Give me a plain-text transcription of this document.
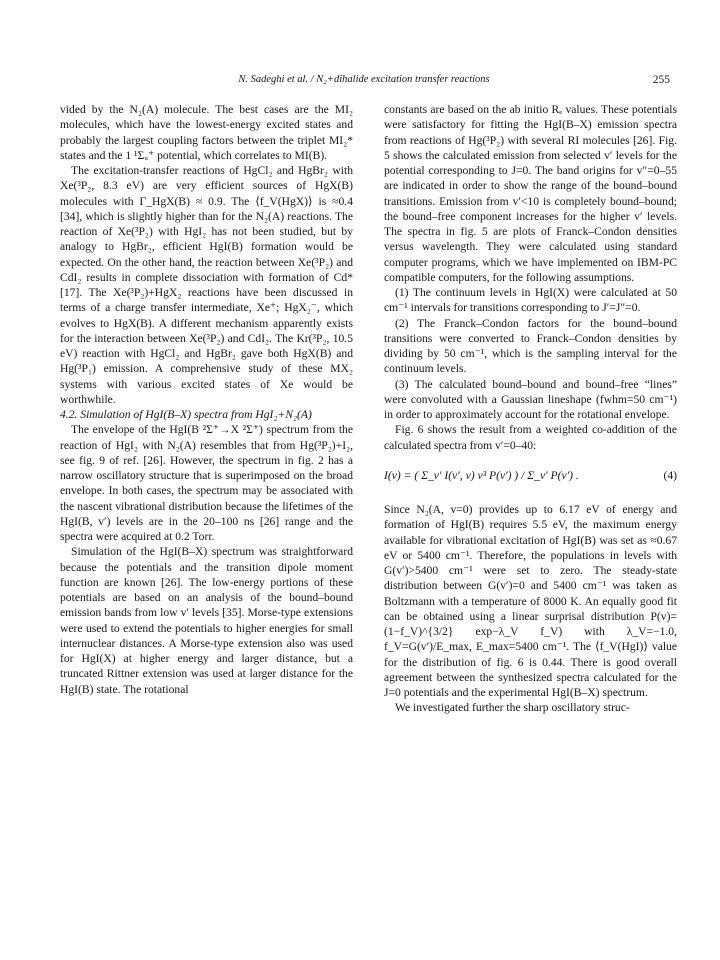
N. Sadeghi et al. / N₂+dihalide excitation transfer reactions	255

vided by the N₂(A) molecule. The best cases are the MI₂ molecules, which have the lowest-energy excited states and probably the largest coupling factors between the triplet MI₂* states and the 1 ¹Σᵤ⁺ potential, which correlates to MI(B).

The excitation-transfer reactions of HgCl₂ and HgBr₂ with Xe(³P₂, 8.3 eV) are very efficient sources of HgX(B) molecules with Γ_HgX(B) ≈ 0.9. The ⟨f_V(HgX)⟩ is ≈0.4 [34], which is slightly higher than for the N₂(A) reactions. The reaction of Xe(³P₂) with HgI₂ has not been studied, but by analogy to HgBr₂, efficient HgI(B) formation would be expected. On the other hand, the reaction between Xe(³P₂) and CdI₂ results in complete dissociation with formation of Cd* [17]. The Xe(³P₂)+HgX₂ reactions have been discussed in terms of a charge transfer intermediate, Xe⁺; HgX₂⁻, which evolves to HgX(B). A different mechanism apparently exists for the interaction between Xe(³P₂) and CdI₂. The Kr(³P₂, 10.5 eV) reaction with HgCl₂ and HgBr₂ gave both HgX(B) and Hg(³P₁) emission. A comprehensive study of these MX₂ systems with various excited states of Xe would be worthwhile.

4.2. Simulation of HgI(B–X) spectra from HgI₂+N₂(A)

The envelope of the HgI(B ²Σ⁺→X ²Σ⁺) spectrum from the reaction of HgI₂ with N₂(A) resembles that from Hg(³P₂)+I₂, see fig. 9 of ref. [26]. However, the spectrum in fig. 2 has a narrow oscillatory structure that is superimposed on the broad envelope. In both cases, the spectrum may be associated with the nascent vibrational distribution because the lifetimes of the HgI(B, v′) levels are in the 20–100 ns [26] range and the spectra were acquired at 0.2 Torr.

Simulation of the HgI(B–X) spectrum was straightforward because the potentials and the transition dipole moment function are known [26]. The low-energy portions of these potentials are based on an analysis of the bound–bound emission bands from low v′ levels [35]. Morse-type extensions were used to extend the potentials to higher energies for small internuclear distances. A Morse-type extension also was used for HgI(X) at higher energy and larger distance, but a truncated Rittner extension was used at larger distance for the HgI(B) state. The rotational

constants are based on the ab initio Rₑ values. These potentials were satisfactory for fitting the HgI(B–X) emission spectra from reactions of Hg(³P₂) with several RI molecules [26]. Fig. 5 shows the calculated emission from selected v′ levels for the potential corresponding to J=0. The band origins for v″=0–55 are indicated in order to show the range of the bound–bound transitions. Emission from v′<10 is completely bound–bound; the bound–free component increases for the higher v′ levels. The spectra in fig. 5 are plots of Franck–Condon densities versus wavelength. They were calculated using standard computer programs, which we have implemented on IBM-PC compatible computers, for the following assumptions.

(1) The continuum levels in HgI(X) were calculated at 50 cm⁻¹ intervals for transitions corresponding to J′=J″=0.

(2) The Franck–Condon factors for the bound–bound transitions were converted to Franck–Condon densities by dividing by 50 cm⁻¹, which is the sampling interval for the continuum levels.

(3) The calculated bound–bound and bound–free “lines” were convoluted with a Gaussian lineshape (fwhm=50 cm⁻¹) in order to approximately account for the rotational envelope.

Fig. 6 shows the result from a weighted co-addition of the calculated spectra from v′=0–40:

I(ν) = ( Σ_v′ I(v′, ν) ν³ P(v′) ) / Σ_v′ P(v′) .	(4)

Since N₂(A, v=0) provides up to 6.17 eV of energy and formation of HgI(B) requires 5.5 eV, the maximum energy available for vibrational excitation of HgI(B) was set as ≈0.67 eV or 5400 cm⁻¹. Therefore, the populations in levels with G(v′)>5400 cm⁻¹ were set to zero. The steady-state distribution between G(v′)=0 and 5400 cm⁻¹ was taken as Boltzmann with a temperature of 8000 K. An equally good fit can be obtained using a linear surprisal distribution P(v)=(1−f_V)^{3/2} exp−λ_V f_V) with λ_V=−1.0, f_V=G(v′)/E_max, E_max=5400 cm⁻¹. The ⟨f_V(HgI)⟩ value for the distribution of fig. 6 is 0.44. There is good overall agreement between the synthesized spectra calculated for the J=0 potentials and the experimental HgI(B–X) spectrum.

We investigated further the sharp oscillatory struc-
